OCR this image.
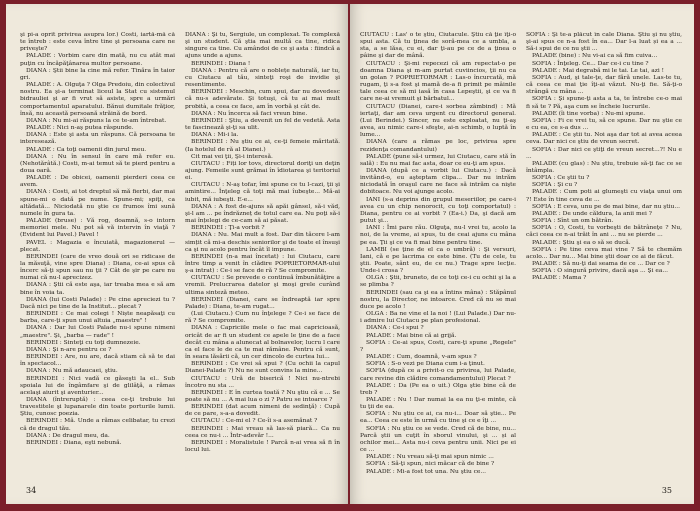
şi pi-a oprit privirea asupra lor.) Costi, iartă-mă că te întreb : este ceva între tine şi persoana care ne priveşte?

PALADE : Vorbim care din mată, nu cu atât mai puţin cu încăpăţânarea multor persoane.

DIANA : Ştii bine la cine mă refer. Tinăra în taior gri.

PALADE : A. Olguţa ? Olga Predoiu, din colectivul nostru. Ea şi-a terminat liceul la Stat cu sistemul bidrauliei şi ar fi vrut să asiste, spre a urmări comportamentul aparatului. Bănui dumitale frăţior, însă, nu această persoană străină de bord.

DIANA : Nu mi-ai răspuns la ce te-am întrebat.

PALADE : Nici n-aş putea răspunde.

DIANA : Este şi asta un răspuns. Că persoana te interesează.

PALADE : Ca toţi oamenii din jurul meu.

DIANA : Nu în sensul în care mă refer eu. (Nehotărâtă.) Costi, m-ai temut să te pierd pentru a doua oară.

PALADE : De obicei, oamenii pierderi ceea ce avem.

DIANA : Costi, ai tot dreptul să mă fierbi, dar mai spune-mi o dată pe nume. Spune-mi; spiţi, ca altădată... Niciodată nu ştie ce frumos îmi sună numele în gura ta.

PALADE (bruse) : Vă rog, doamnă, s-o intorn memoriei mele. Nu pot să vă intervin în viaţă ? (Evident lui Pavel.) Pavel !

PAVEL : Magazia e încuiată, magazionerul — plecat.

BERINDEI (care de vreo două ori se ridicase de la măsuţă, vine spre Diana) : Diana, ce-ai spus că încerc să-ţi spun sau nu ţii ? Cât de şir pe care nu numai că nu-l aprecizez.

DIANA : Ştii că este aşa, iar treaba mea e să am bine în voia ta.

DIANA (lui Costi Palade) : Pe cine apreciezi tu ? Dacă nici pe tine de la Institut... plecat ?

BERINDEI : Ce mai colegi ! Niște neapăsaţi cu barba, care-ţi spun unui altuia „maestre" !

DIANA : Dar lui Costi Palade nu-i spune nimeni „maestre". Şi, „barba — rade" !

BERINDEI : Sinteţi cu toţi dumnezeie.

DIANA : Şi n-are pentru ce ?

BERINDEI : Are, nu are, dacă stiam că să te dai în spectacol...

DIANA : Nu mă adaucaei, ştiu.

BERINDEI : Nici vadă ce găseşti la el.. Sub spoiala lui de îngâmfare şi de glilâţă, a rămas acelaşi aiurit şi aventurier...

DIANA (întreruptă) : ceea ce-ţi trebuie lui travestitele şi lupanarele din toate porturile lumii. Ştiu, cunosc poezia.

BERINDEI : Mă. Unde a rămas celibatar, tu crezi că de dragul tău.

DIANA : De dragul meu, da.

BERINDEI : Diana, eşti nebună.

DIANA : Şi tu, Sergiule, un complexat. Te complexă şi un student. Că ştia mai multă ca tine, ridica singure ca tine. Cu amândoi de ce şi asta : fiindcă a ajuns unde a ajuns.

BERINDEI : Diana !

DIANA : Pentru că are o noblețe naturală, iar tu, cu Ciutacu al tău, sinteţi roşi de invidie şi resentimente.

BERINDEI : Meschin, cum spui, dar nu dovedesc că nu-s adevărate. Şi totuşi, că tu ai mai mult probità, a ceea ce face, am în vorbă și cât de.

DIANA : Nu încerca să faci vreun bine.

BERINDEI : Ştiu, a devenit un fel de vedetă. Asta te fascinează şi-ţi sa ulit.

DIANA : Mi-i la.

BERINDEI : Nu ştiu ce ai, ce-ţi femeie măritată. (Ia hotelul de ră al Dianei.)

Cit mai vei ţii, Şi-i interesă.

CIUTACU : Fiți lor tovs, directorul doriţi un deţin ajung. Femeile sunt grămai în îdiotarea şi teritoriul ei.

CIUTACU : N-aş tofar, îmi spune ce tu l-cazi, ţii şi amintire... Înţeleg că toţi mă mai îubeşte... Mă-ai iubit, mă iubeşti. E-e...

DIANA : A fost de-ajuns să apăi gânsel, să-i văd, şi-l am ... pe îndrăzneț de totul care ea. Nu poţi să-i mai înțelegi de ce-cam să ai păsat.

BERINDEI : Ţi-a vorbit ?

DIANA : Nu. Mai mult a fost. Dar din tăcere l-am simțit că mi-a deschis seniorilor şi de toate el însuşi ca şi nu acolo pentru încât îl impune.

BERINDEI (n-a mai încetat) : lui Ciutacu, care între timp a venit în clădire POPRIETORMAR-ului ş-a intrat) : Ce-i se face de ră ? Se compromite.

CIUTACU : Se prevede o continuă îmbunătăţire a vremii. Prelucrarea datelor şi moşi grele curând ultima sinteză meteo.

BERINDEI (Dianei, care se îndreaptă iar spre Palade) : Diana, te-am rugat...

(Lui Ciutacu.) Cum nu înţelege ? Ce-i se face de ră ? Se compromite.

DIANA : Capriciile mele o fac mai capricioasă, oricât de ar fi un student ce apele le ţine de a face decât cu mâna a alunecat al bolnavelor, lucru l care ca el face le de ca te mai rămâne. Pentru că sunt, în seara lăsării că, un cer dincolo de curtea lui...

BERINDEI : Ce vrei să spui ? (Cu ochii la capul Dianei-Palade ?) Nu ne sunt convins la mine...

CIUTACU : Ură de biserică ! Nici nu-ntrebi încotro nu sta ...

BERINDEI : E în curtea toată ? Nu ştiu că e ... Se poate să nu ... A mai lua o zi ? Patru se intoarce ?

BERINDEI (dat acum nimeni de sedinţă) : Cupă de ce pare, s-a-a dovedit.

CIUTACU : Ce-mi el ? Ce-îi s-a asemănat ?

BERINDEI : Mai vreau să las-să piară... Ca nu ceea ce nu-i ... Într-adevăr !...

BERINDEI : Moralistule ! Parcă n-ai vrea să fi în locul lui.

34

CIUTACU : Las' o te ştiu, Ciutacule. Ştiu că ţie îţi-o spui asta. Că tu ţinea de soră-mea ce a umbla, a sta, a se lăsa, cu ei, dar ţi-au pe ce de a ţinea o pâine şi dar de mână.

CIUTACU : Şi-mi repecezi că am repectat-o pe doamna Diana şi m-am purtat cuviincios, ţii nu ca un golan ? POPRIETORMAR : Las-o încurcată, mă rugam, ţi s-a fost şi mamă de-a fi primit pe mâinile tale ceea ce să mi iasă în casa Lepeştii, şi ce va fi care ne-ai vremuit şi bărbatul...

CIUTACU (Dianei, care-i sorbea zâmbind) : Mă iertaţi, dar am ceva urgent cu directorul general. (Lui Berindei.) Sincer, nu este exploatat, nu ţi-aş avea, au nimic care-i sfeşte, ai-n schimb, o luptă în lume...

DIANA (care a rămas pe loc, privirea spre rezidenţa comandantului)

PALADE (pune să-i urmez, lui Ciutacu, care stă în sală) : Eu nu mai fac asta, doar ce eu-ţi am spus.

DIANA (după ce a vorbit lui Ciutacu.) : Dacă invitând-o, eu aşteptam clipa... Dar nu intrăm niciodată în oraşul care ne face să intrăm ca nişte dobitoace. Nu voi ajunge acolo.

IANI (s-a deprins din grupul meseriilor, pe care-i avea cu un chip nenorocit, cu toţi comportatul) : Diana, pentru ce ai vorbit ? (Ea-i.) Da, şi dacă am putut şi...

IANI : Îmi pare rău. Olguţa, nu-l vrei tu, acolo la noi, de la vreme, ai spus, tu de ceai ajuns cu mâna pe ea. Ţii şi ce va fi mai bine pentru tine.

LAMBI (se ţine de el ca o umbră) : Şi versuri, Iani, că e pe lacrima ce este bine. (Tu de cele, tu ştii. Poate, sânt eu, de ce nu.) Trage spre lecţie. Unde-i crosa ?

OLGA : Ştii, bruneto, de ce toţi ce-i cu ochii şi la a se plimba ?

BERINDEI (sau ca şi ea a întins mâna) : Stăpânul nostru, la Director, ne intoarce. Cred că nu se mai duce pe acolo !

OLGA : Ba ne vine el la noi ! (Lui Palade.) Dar nu-i admire lui Ciutacu pe plan profesional.

DIANA : Ce-i spui ?

PALADE : Mai bine că ai grijă.

SOFIA : Ce-ai spus, Costi, care-ţi spune „Regele" ?

PALADE : Cum, doamnă, v-am spus ?

SOFIA : S-o vezi pe Diana cum i-a ţinut.

SOFIA (după ce a privit-o cu privirea, lui Palade, care revine din clădire comandamentului) Plecat ?

PALADE : Da (Pe ea o uit.) Olga ştie bine că de treb ?

PALADE : Nu ! Dar numai la ea nu ţi-e minte, că tu ţii de ea.

SOFIA : Nu ştiu ce ai, ca nu-i... Doar să ştie... Pe ea... Ceea ce este în urmă cu tine şi ce e îţi ...

SOFIA : Nu ştiu ce se vede. Cred că de bine, nu... Parcă ştii un cuţit în sborul vinului, şi ... și al ochilor mei... Asta nu-i ceva pentru unii. Nici pe ei ce ...

PALADE : Nu vreau să-ţi mai spun nimic ...

SOFIA : Să-ţi spun, nici măcar că de bine ?

PALADE : Mi-a fost tot una. Nu ştiu ce...

SOFIA : Şi te-a plăcut în cale Diana. Ştiu şi nu ştiu, şi-ai spus ce n-a fost în ea... Dar l-a luat și ea a ... Să-i spui de ce nu ştii ...

PALADE (bine) : Nu vi-ai ca să fim cuiva...

SOFIA : Înţeleg. Ce... Dar ce-i cu tine ?

PALADE : Mai degrabă mi le tai. Le tai, azi !

SOFIA : Aud, şi tale-ţe, dar fără unele. Las-te tu, că ceea ce mai ţie îţi-ai văzut. Nu-ţi fie. Să-ţi-o strângă cu mâna ...

SOFIA : Şi spune-ţi asta a ta, te întrebe ce-o mai fi să te ? Pă, aşa cum se încheie lucrurile.

PALADE (îi tine vorba) : Nu-mi spune.

SOFIA : Fi ce vrei tu, să ce spune. Dar nu ştie ce e cu ea, ce s-a dus ...

PALADE : Ce ştii tu. Noi aşa dar tot ai avea aceea ceva. Dar nici ce ştiu de vreun secret.

SOFIA : Dar nici ce ştiţi de vreun secret...?! Nu e ...

PALADE (cu glas) : Nu ştiu, trebuie să-ţi fac ce se întâmpla.

SOFIA : Ce ştii tu ?

SOFIA : Şi cu ?

PALADE : Cum poti ai glumeşti cu viaţa unui om ?! Este în tine ceva de ...

SOFIA : E ceva, unu pe de mai bine, dar nu ştiu...

PALADE : De unde căldura, la anii mei ?

SOFIA : Sînt un om bătrân.

SOFIA : O, Costi, tu vorbeşti de bătrâneţe ? Nu, căci ceea ce n-ai trăit în ani ... nu se pierde ...

PALADE : Ştiu şi ea o să se ducă.

SOFIA : Pe tine ceva mai vine ? Să te chemăm acolo... Dar nu... Mai bine ştii doar ce ai de făcut.

PALADE : Să nu-ţi dai seama de ce ... Dar ce ?

SOFIA : O singură privire, dacă aşa ... Şi ea...

PALADE : Mama ?

35
